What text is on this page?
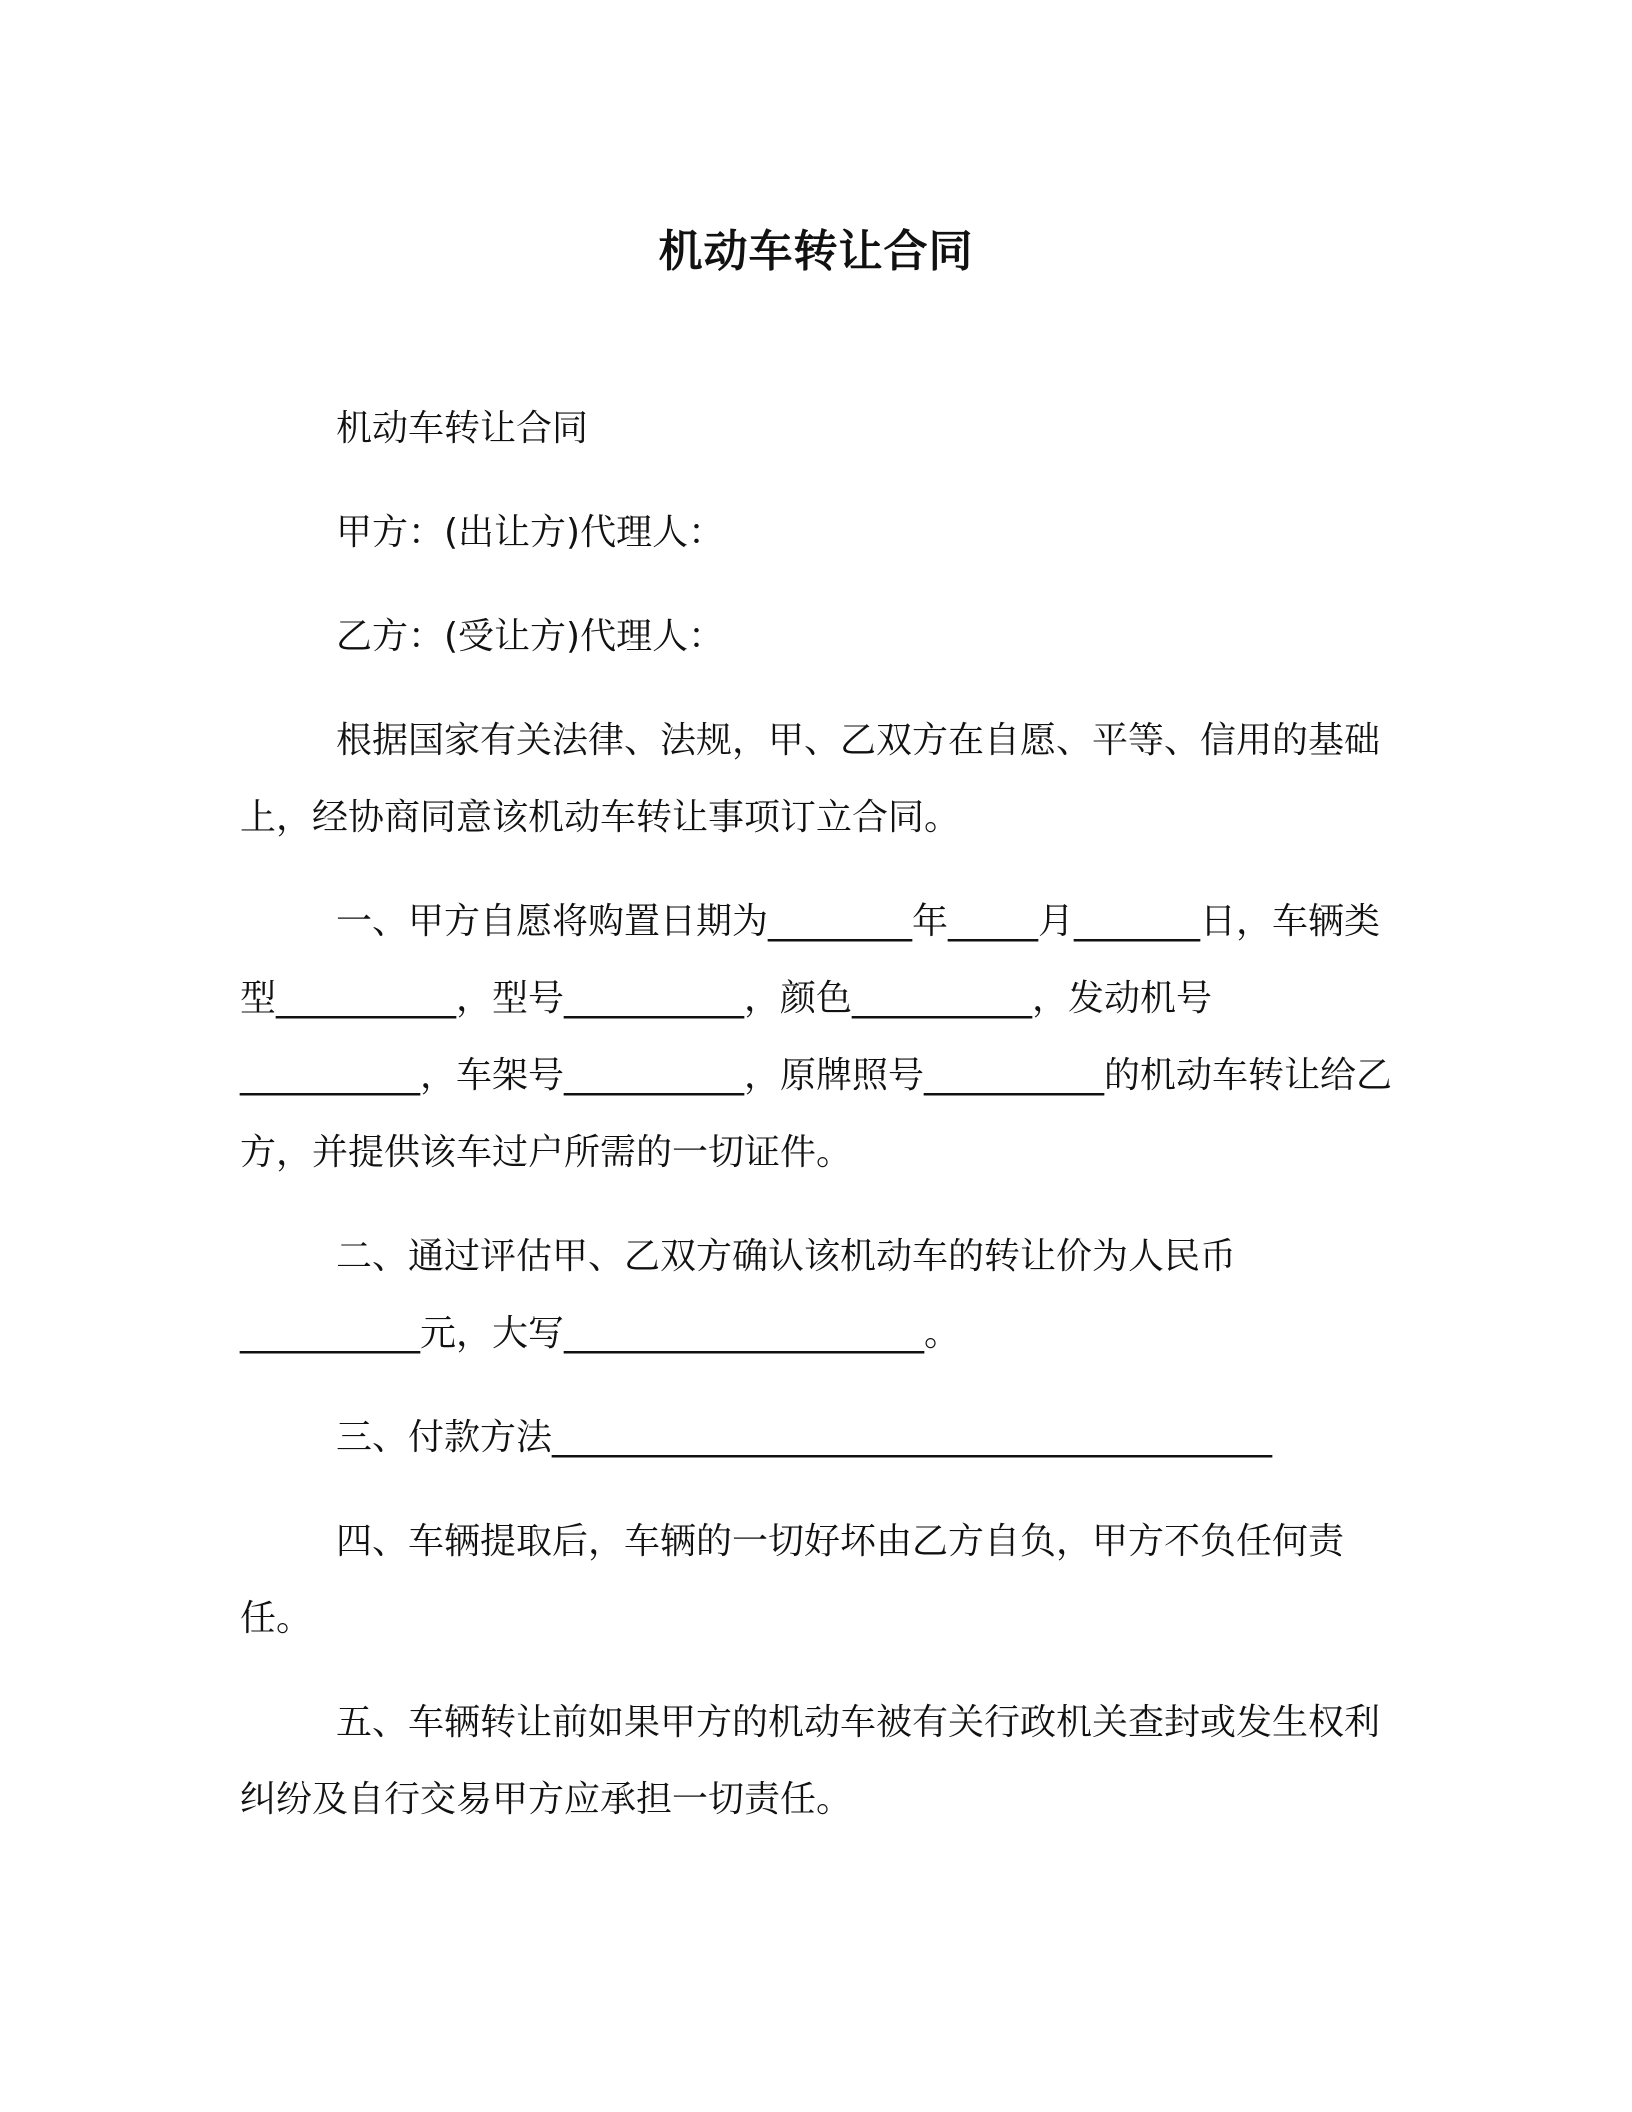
机动车转让合同

机动车转让合同

甲方：(出让方)代理人：

乙方：(受让方)代理人：

根据国家有关法律、法规，甲、乙双方在自愿、平等、信用的基础上，经协商同意该机动车转让事项订立合同。

一、甲方自愿将购置日期为________年_____月_______日，车辆类型__________，型号__________，颜色__________，发动机号__________，车架号__________，原牌照号__________的机动车转让给乙方，并提供该车过户所需的一切证件。

二、通过评估甲、乙双方确认该机动车的转让价为人民币__________元，大写____________________。

三、付款方法________________________________________

四、车辆提取后，车辆的一切好坏由乙方自负，甲方不负任何责任。

五、车辆转让前如果甲方的机动车被有关行政机关查封或发生权利纠纷及自行交易甲方应承担一切责任。
